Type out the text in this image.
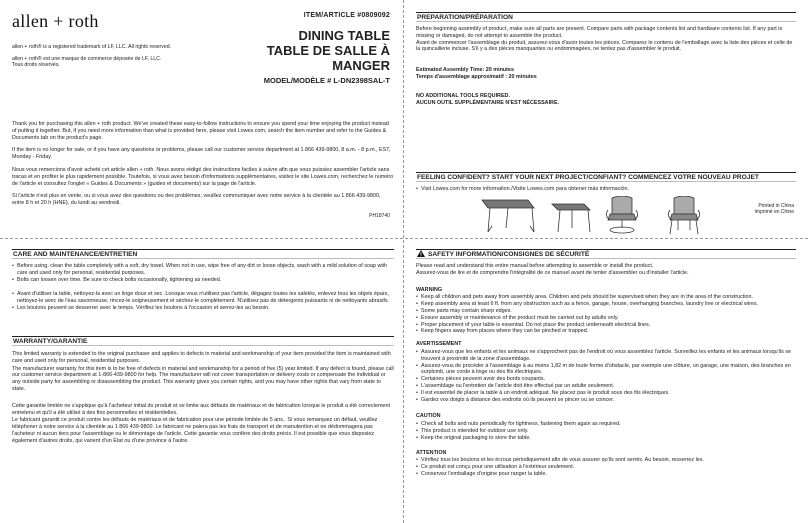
allen + roth	ITEM/ARTICLE #0809092
DINING TABLE
TABLE DE SALLE À
MANGER
MODEL/MODÈLE # L-DN2398SAL-T

allen + roth® is a registered trademark of LF, LLC. All rights reserved.

allen + roth® est une marque de commerce déposée de LF, LLC. Tous droits réservés.

Thank you for purchasing this allen + roth product. We've created these easy-to-follow instructions to ensure you spend your time enjoying the product instead of putting it together. But, if you need more information than what is provided here, please visit Lowes.com, search the item number and refer to the Guides & Documents tab on the product's page.

If the item is no longer for sale, or if you have any questions or problems, please call our customer service department at 1 866 439-9800, 8 a.m. - 8 p.m., EST, Monday - Friday.

Nous vous remercions d'avoir acheté cet article allen + roth. Nous avons rédigé des instructions faciles à suivre afin que vous puissiez assembler l'article sans tracas et en profiter le plus rapidement possible. Toutefois, si vous avez besoin d'informations supplémentaires, visitez le site Lowes.com, recherchez le numéro de l'article et consultez l'onglet « Guides & Documents » (guides et documents) sur la page de l'article.

Si l'article n'est plus en vente, ou si vous avez des questions ou des problèmes, veuillez communiquer avec notre service à la clientèle au 1 866 439-9800, entre 8 h et 20 h (HNE), du lundi au vendredi.

PH18740
PREPARATION/PRÉPARATION

Before beginning assembly of product, make sure all parts are present. Compare parts with package contents list and hardware contents list. If any part is missing or damaged, do not attempt to assemble the product.

Avant de commencer l'assemblage du produit, assurez-vous d'avoir toutes les pièces. Comparez le contenu de l'emballage avec la liste des pièces et celle de la quincaillerie incluse. S'il y a des pièces manquantes ou endommagées, ne tentez pas d'assembler le produit.

Estimated Assembly Time: 20 minutes
Temps d'assemblage approximatif : 20 minutes
NO ADDITIONAL TOOLS REQUIRED.
AUCUN OUTIL SUPPLÉMENTAIRE N'EST NÉCESSAIRE.
FEELING CONFIDENT? START YOUR NEXT PROJECT/CONFIANT? COMMENCEZ VOTRE NOUVEAU PROJET
• Visit Lowes.com for more information./Visite Lowes.com para obtener más información.
Printed in China
Imprimé en Chine
CARE AND MAINTENANCE/ENTRETIEN
• Before using, clean the table completely with a soft, dry towel. When not in use, wipe free of any dirt or loose objects, wash with a mild solution of soap with care and used only for personal, residential purposes.
• Bolts can loosen over time. Be sure to check bolts occasionally, tightening as needed.
• Avant d'utiliser la table, nettoyez-la avec un linge doux et sec. Lorsque vous n'utilisez pas l'article, dégagez toutes les saletés, enlevez tous les objets épars, nettoyez-le avec de l'eau savonneuse, rincez-le soigneusement et séchez-le complètement. N'utilisez pas de détergents puissants ni de nettoyants abrasifs.
• Les boulons peuvent se desserrer avec le temps. Vérifiez les boulons à l'occasion et serrez-les au besoin.
WARRANTY/GARANTIE

This limited warranty is extended to the original purchaser and applies to defects in material and workmanship of your item provided the item is maintained with care and used only for personal, residential purposes.

The manufacturer warranty for this item is to be free of defects in material and workmanship for a period of five (5) year limited. If any defect is found, please call our customer service department at 1-866-439-9800 for help. The manufacturer will not cover transportation or delivery costs or compensate the individual or any outside party for assembling or disassembling the product. This warranty gives you certain rights, and you may have other rights that vary from state to state.

Cette garantie limitée ne s'applique qu'à l'acheteur initial du produit et se limite aux défauts de matériaux et de fabrication lorsque le produit a été correctement entretenu et qu'il a été utilisé à des fins personnelles et résidentielles.

Le fabricant garantit ce produit contre les défauts de matériaux et de fabrication pour une période limitée de 5 ans.. Si vous remarquez un défaut, veuillez téléphoner à notre service à la clientèle au 1 866 439-9800. Le fabricant ne paiera pas les frais de transport et de manutention et ne dédommagera pas l'acheteur ni aucun tiers pour l'assemblage ou le démontage de l'article. Cette garantie vous confère des droits précis. Il est possible que vous disposiez également d'autres droits, qui varient d'un État ou d'une province à l'autre.

SAFETY INFORMATION/CONSIGNES DE SÉCURITÉ
Please read and understand this entire manual before attempting to assemble or install the product.
Assurez-vous de lire et de comprendre l'intégralité de ce manuel avant de tenter d'assembler ou d'installer l'article.
WARNING
• Keep all children and pets away from assembly area. Children and pets should be supervised when they are in the area of the construction.
• Keep assembly area at least 6 ft. from any obstruction such as a fence, garage, house, overhanging branches, laundry line or electrical wires.
• Some parts may contain sharp edges.
• Ensure assembly or maintenance of the product must be carried out by adults only.
• Proper placement of your table is essential. Do not place the product underneath electrical lines.
• Keep fingers away from places where they can be pinched or trapped.
AVERTISSEMENT
• Assurez-vous que les enfants et les animaux ne s'approchent pas de l'endroit où vous assemblez l'article. Surveillez les enfants et les animaux lorsqu'ils se trouvent à proximité de la zone d'assemblage.
• Assurez-vous de procéder à l'assemblage à au moins 1,82 m de toute forme d'obstacle, par exemple une clôture, un garage, une maison, des branches en surplomb, une corde à linge ou des fils électriques.
• Certaines pièces peuvent avoir des bords coupants.
• L'assemblage ou l'entretien de l'article doit être effectué par un adulte seulement.
• Il est essentiel de placer la table à un endroit adéquat. Ne placez pas le produit sous des fils électriques.
• Gardez vos doigts à distance des endroits où ils peuvent se pincer ou se coincer.
CAUTION
• Check all bolts and nuts periodically for tightness, fastening them again as required.
• This product is intended for outdoor use only.
• Keep the original packaging to store the table.
ATTENTION
• Vérifiez tous les boulons et les écrous périodiquement afin de vous assurer qu'ils sont serrés. Au besoin, resserrez les.
• Ce produit est conçu pour une utilisation à l'extérieur seulement.
• Conservez l'emballage d'origine pour ranger la table.
